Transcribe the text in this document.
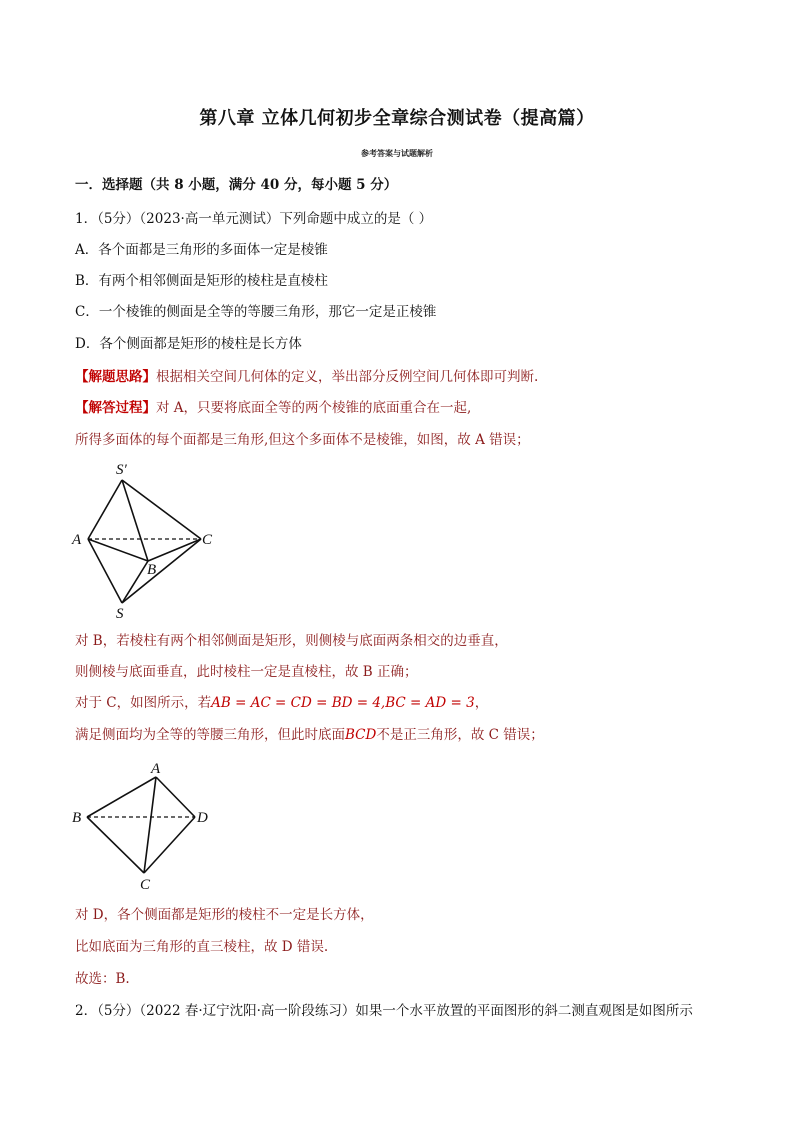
第八章 立体几何初步全章综合测试卷（提高篇）
参考答案与试题解析
一．选择题（共 8 小题，满分 40 分，每小题 5 分）
1．（5分）（2023·高一单元测试）下列命题中成立的是（ ）
A．各个面都是三角形的多面体一定是棱锥
B．有两个相邻侧面是矩形的棱柱是直棱柱
C．一个棱锥的侧面是全等的等腰三角形，那它一定是正棱锥
D．各个侧面都是矩形的棱柱是长方体
【解题思路】根据相关空间几何体的定义，举出部分反例空间几何体即可判断.
【解答过程】对 A，只要将底面全等的两个棱锥的底面重合在一起,
所得多面体的每个面都是三角形,但这个多面体不是棱锥，如图，故 A 错误；
S′
A	C
B
S
对 B，若棱柱有两个相邻侧面是矩形，则侧棱与底面两条相交的边垂直，
则侧棱与底面垂直，此时棱柱一定是直棱柱，故 B 正确；
对于 C，如图所示，若AB = AC = CD = BD = 4,BC = AD = 3，
满足侧面均为全等的等腰三角形，但此时底面BCD不是正三角形，故 C 错误；
A
B	D
C
对 D，各个侧面都是矩形的棱柱不一定是长方体，
比如底面为三角形的直三棱柱，故 D 错误.
故选：B.
2．（5分）（2022 春·辽宁沈阳·高一阶段练习）如果一个水平放置的平面图形的斜二测直观图是如图所示
